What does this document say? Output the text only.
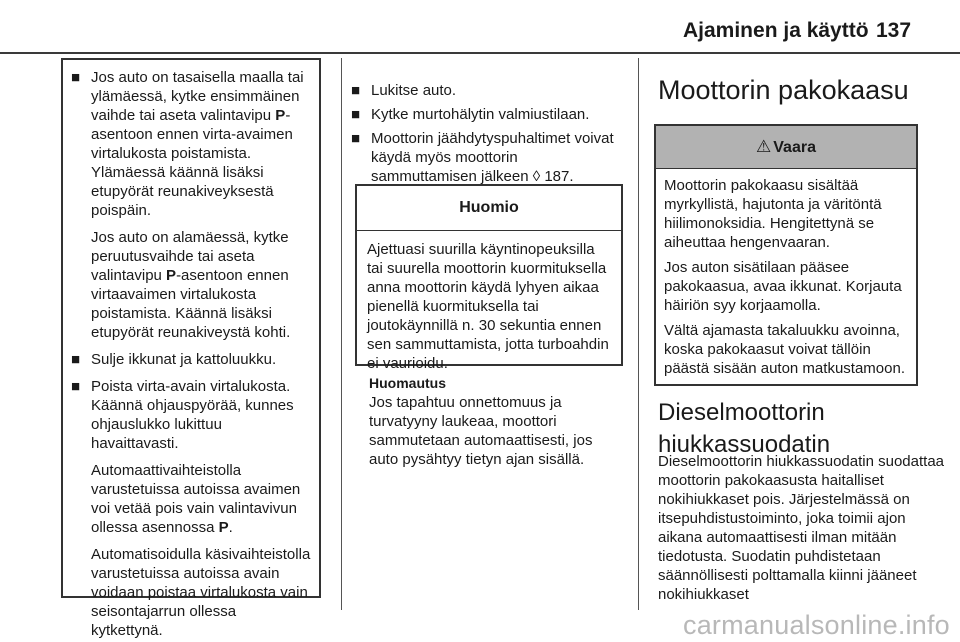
Ajaminen ja käyttö 137
■ Jos auto on tasaisella maalla tai ylämäessä, kytke ensimmäinen vaihde tai aseta valintavipu P-asentoon ennen virta-avaimen virtalukosta poistamista. Ylämäessä käännä lisäksi etupyörät reunakiveyksestä poispäin.

Jos auto on alamäessä, kytke peruutusvaihde tai aseta valintavipu P-asentoon ennen virtaavaimen virtalukosta poistamista. Käännä lisäksi etupyörät reunakiveystä kohti.

■ Sulje ikkunat ja kattoluukku.

■ Poista virta-avain virtalukosta. Käännä ohjauspyörää, kunnes ohjauslukko lukittuu havaittavasti.

Automaattivaihteistolla varustetuissa autoissa avaimen voi vetää pois vain valintavivun ollessa asennossa P.

Automatisoidulla käsivaihteistolla varustetuissa autoissa avain voidaan poistaa virtalukosta vain seisontajarrun ollessa kytkettynä.

■ Lukitse auto.

■ Kytke murtohälytin valmiustilaan.

■ Moottorin jäähdytyspuhaltimet voivat käydä myös moottorin sammuttamisen jälkeen ◊ 187.

Huomio

Ajettuasi suurilla käyntinopeuksilla tai suurella moottorin kuormituksella anna moottorin käydä lyhyen aikaa pienellä kuormituksella tai joutokäynnillä n. 30 sekuntia ennen sen sammuttamista, jotta turboahdin ei vaurioidu.

Huomautus

Jos tapahtuu onnettomuus ja turvatyyny laukeaa, moottori sammutetaan automaattisesti, jos auto pysähtyy tietyn ajan sisällä.

Moottorin pakokaasu
⚠ Vaara

Moottorin pakokaasu sisältää myrkyllistä, hajutonta ja väritöntä hiilimonoksidia. Hengitettynä se aiheuttaa hengenvaaran.

Jos auton sisätilaan pääsee pakokaasua, avaa ikkunat. Korjauta häiriön syy korjaamolla.

Vältä ajamasta takaluukku avoinna, koska pakokaasut voivat tällöin päästä sisään auton matkustamoon.

Dieselmoottorin hiukkassuodatin

Dieselmoottorin hiukkassuodatin suodattaa moottorin pakokaasusta haitalliset nokihiukkaset pois. Järjestelmässä on itsepuhdistustoiminto, joka toimii ajon aikana automaattisesti ilman mitään tiedotusta. Suodatin puhdistetaan säännöllisesti polttamalla kiinni jääneet nokihiukkaset

carmanualsonline.info
